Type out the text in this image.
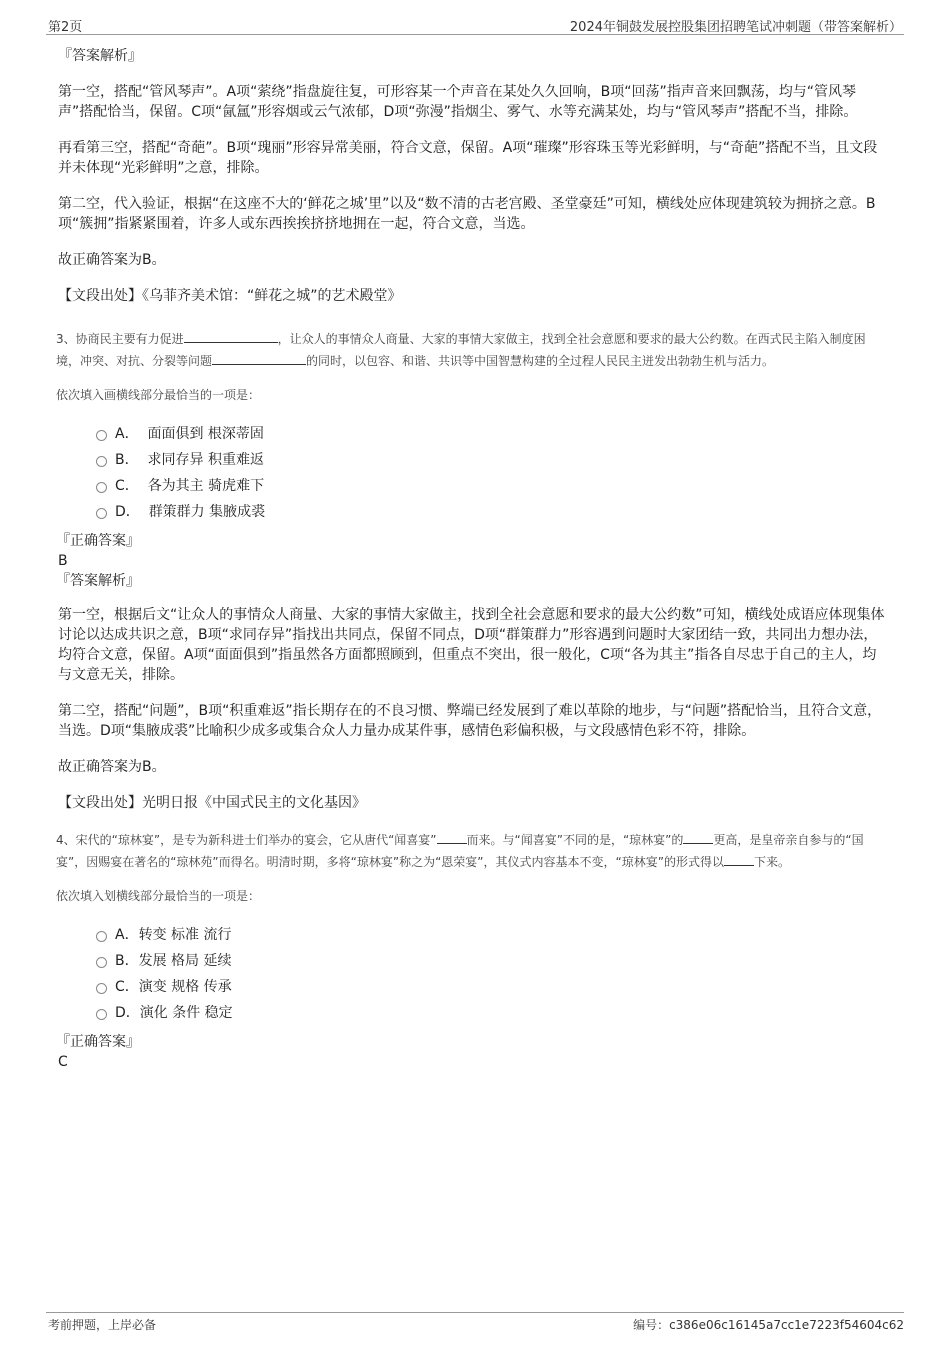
第2页	2024年铜鼓发展控股集团招聘笔试冲刺题（带答案解析）
『答案解析』

第一空，搭配“管风琴声”。A项“萦绕”指盘旋往复，可形容某一个声音在某处久久回响，B项“回荡”指声音来回飘荡，均与“管风琴声”搭配恰当，保留。C项“氤氲”形容烟或云气浓郁，D项“弥漫”指烟尘、雾气、水等充满某处，均与“管风琴声”搭配不当，排除。

再看第三空，搭配“奇葩”。B项“瑰丽”形容异常美丽，符合文意，保留。A项“璀璨”形容珠玉等光彩鲜明，与“奇葩”搭配不当，且文段并未体现“光彩鲜明”之意，排除。

第二空，代入验证，根据“在这座不大的‘鲜花之城’里”以及“数不清的古老宫殿、圣堂豪廷”可知，横线处应体现建筑较为拥挤之意。B项“簇拥”指紧紧围着，许多人或东西挨挨挤挤地拥在一起，符合文意，当选。

故正确答案为B。

【文段出处】《乌菲齐美术馆：“鲜花之城”的艺术殿堂》
3、协商民主要有力促进	，让众人的事情众人商量、大家的事情大家做主，找到全社会意愿和要求的最大公约数。在西式民主陷入制度困境，冲突、对抗、分裂等问题	的同时，以包容、和谐、共识等中国智慧构建的全过程人民民主迸发出勃勃生机与活力。
依次填入画横线部分最恰当的一项是：
A． 面面俱到 根深蒂固
B． 求同存异 积重难返
C． 各为其主 骑虎难下
D． 群策群力 集腋成裘
『正确答案』
B
『答案解析』

第一空，根据后文“让众人的事情众人商量、大家的事情大家做主，找到全社会意愿和要求的最大公约数”可知，横线处成语应体现集体讨论以达成共识之意，B项“求同存异”指找出共同点，保留不同点，D项“群策群力”形容遇到问题时大家团结一致，共同出力想办法，均符合文意，保留。A项“面面俱到”指虽然各方面都照顾到，但重点不突出，很一般化，C项“各为其主”指各自尽忠于自己的主人，均与文意无关，排除。

第二空，搭配“问题”，B项“积重难返”指长期存在的不良习惯、弊端已经发展到了难以革除的地步，与“问题”搭配恰当，且符合文意，当选。D项“集腋成裘”比喻积少成多或集合众人力量办成某件事，感情色彩偏积极，与文段感情色彩不符，排除。

故正确答案为B。

【文段出处】光明日报《中国式民主的文化基因》
4、宋代的“琼林宴”，是专为新科进士们举办的宴会，它从唐代“闻喜宴”	而来。与“闻喜宴”不同的是，“琼林宴”的	更高，是皇帝亲自参与的“国宴”，因赐宴在著名的“琼林苑”而得名。明清时期，多将“琼林宴”称之为“恩荣宴”，其仪式内容基本不变，“琼林宴”的形式得以	下来。
依次填入划横线部分最恰当的一项是：
A．转变 标准 流行
B．发展 格局 延续
C．演变 规格 传承
D．演化 条件 稳定
『正确答案』
C
考前押题，上岸必备	编号：c386e06c16145a7cc1e7223f54604c62
